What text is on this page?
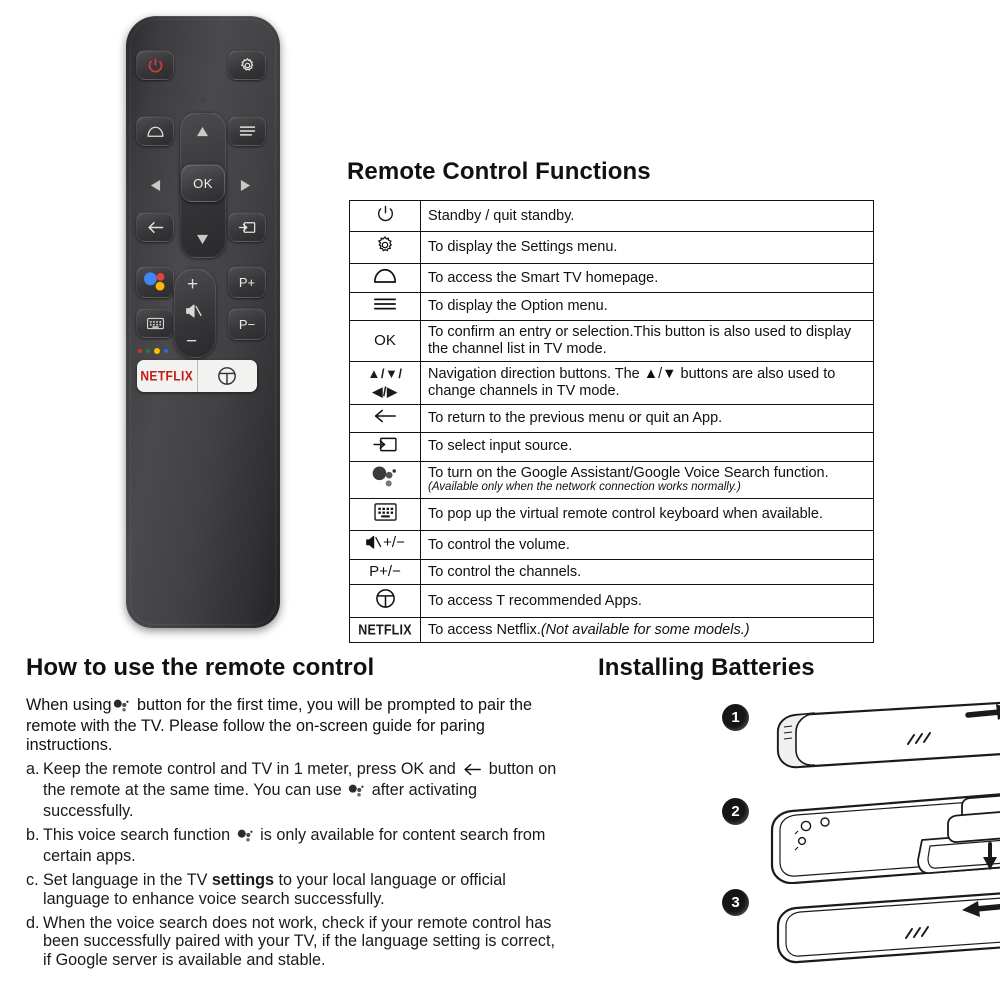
OK
+
−
P+
P−
NETFLIX
Remote Control Functions
	Standby / quit standby.

	To display the Settings menu.

	To access the Smart TV homepage.

	To display the Option menu.
OK	To confirm an entry or selection.This button is also used to display the channel list in TV mode.
▲/▼/
◀/▶	Navigation direction buttons. The ▲/▼ buttons are also used to change channels in TV mode.

	To return to the previous menu or quit an App.

	To select input source.

	To turn on the Google Assistant/Google Voice Search function.
(Available only when the network connection works normally.)

	To pop up the virtual remote control keyboard when available.

+/−	To control the volume.
P+/−	To control the channels.

	To access T recommended Apps.
NETFLIX	To access Netflix.(Not available for some models.)
How to use the remote control

When using button for the first time, you will be prompted to pair the remote with the TV. Please follow the on-screen guide for paring instructions.

a. Keep the remote control and TV in 1 meter, press OK and button on the remote at the same time. You can use after activating successfully.
b. This voice search function is only available for content search from certain apps.
c. Set language in the TV settings to your local language or official language to enhance voice search successfully.
d. When the voice search does not work, check if your remote control has been successfully paired with your TV, if the language setting is correct, if Google server is available and stable.
Installing Batteries
1
2
3
